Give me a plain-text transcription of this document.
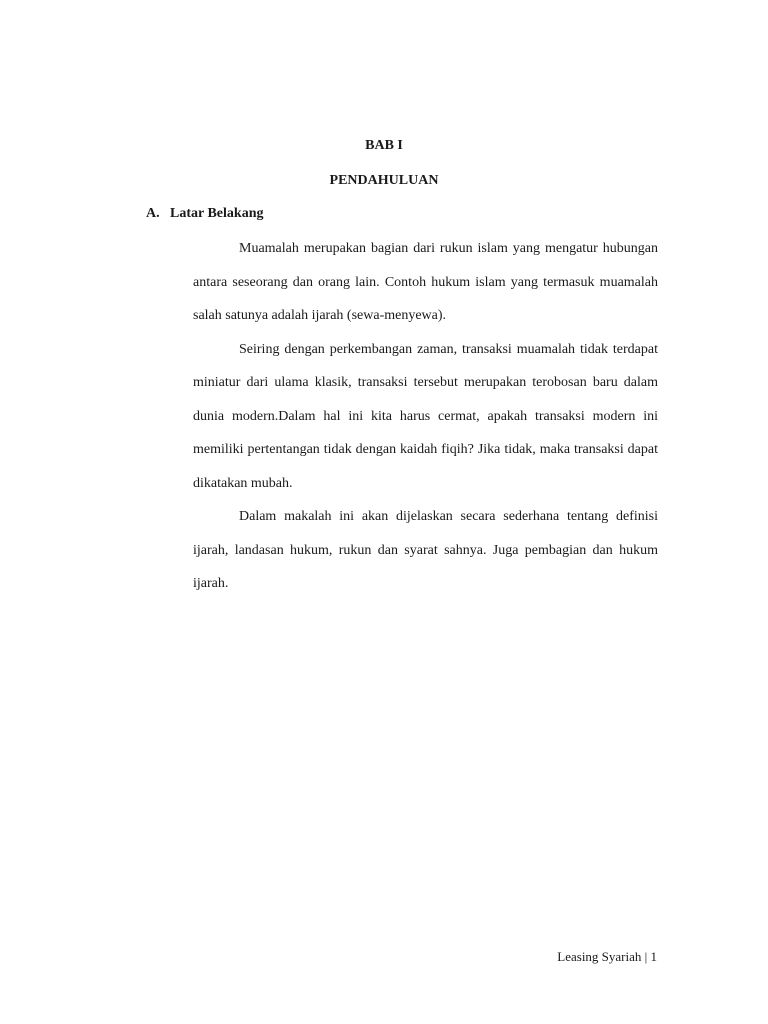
BAB I
PENDAHULUAN
A. Latar Belakang

Muamalah merupakan bagian dari rukun islam yang mengatur hubungan antara seseorang dan orang lain. Contoh hukum islam yang termasuk muamalah salah satunya adalah ijarah (sewa-menyewa).

Seiring dengan perkembangan zaman, transaksi muamalah tidak terdapat miniatur dari ulama klasik, transaksi tersebut merupakan terobosan baru dalam dunia modern.Dalam hal ini kita harus cermat, apakah transaksi modern ini memiliki pertentangan tidak dengan kaidah fiqih? Jika tidak, maka transaksi dapat dikatakan mubah.

Dalam makalah ini akan dijelaskan secara sederhana tentang definisi ijarah, landasan hukum, rukun dan syarat sahnya. Juga pembagian dan hukum ijarah.

Leasing Syariah | 1
